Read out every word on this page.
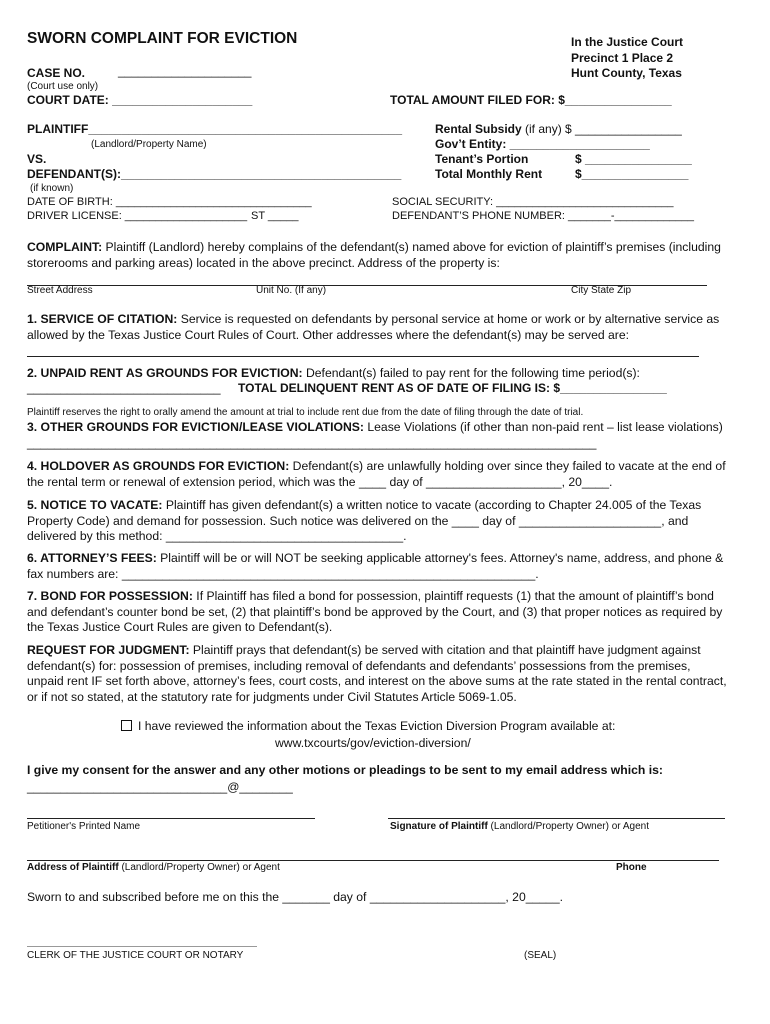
SWORN COMPLAINT FOR EVICTION	In the Justice Court
Precinct 1 Place 2
Hunt County, Texas
CASE NO.	____________________
(Court use only)
COURT DATE: _____________________	TOTAL AMOUNT FILED FOR: $________________
PLAINTIFF_______________________________________________
(Landlord/Property Name)
VS.
DEFENDANT(S):__________________________________________
(if known)
DATE OF BIRTH: ________________________________
DRIVER LICENSE: ____________________ ST _____
Rental Subsidy (if any) $ ________________
Gov’t Entity: _____________________
Tenant’s Portion	$ ________________
Total Monthly Rent	$________________
SOCIAL SECURITY: _____________________________
DEFENDANT’S PHONE NUMBER: _______-_____________
COMPLAINT: Plaintiff (Landlord) hereby complains of the defendant(s) named above for eviction of plaintiff’s premises (including storerooms and parking areas) located in the above precinct. Address of the property is:
Street Address	Unit No. (If any)	City State Zip
1. SERVICE OF CITATION: Service is requested on defendants by personal service at home or work or by alternative service as allowed by the Texas Justice Court Rules of Court. Other addresses where the defendant(s) may be served are:
2. UNPAID RENT AS GROUNDS FOR EVICTION: Defendant(s) failed to pay rent for the following time period(s):
_____________________________ TOTAL DELINQUENT RENT AS OF DATE OF FILING IS: $________________
Plaintiff reserves the right to orally amend the amount at trial to include rent due from the date of filing through the date of trial.
3. OTHER GROUNDS FOR EVICTION/LEASE VIOLATIONS: Lease Violations (if other than non-paid rent – list lease violations) ____________________________________________________________________________________
4. HOLDOVER AS GROUNDS FOR EVICTION: Defendant(s) are unlawfully holding over since they failed to vacate at the end of the rental term or renewal of extension period, which was the ____ day of ____________________, 20____.
5. NOTICE TO VACATE: Plaintiff has given defendant(s) a written notice to vacate (according to Chapter 24.005 of the Texas Property Code) and demand for possession. Such notice was delivered on the ____ day of _____________________, and delivered by this method: ___________________________________.
6. ATTORNEY’S FEES: Plaintiff will be or will NOT be seeking applicable attorney's fees. Attorney's name, address, and phone & fax numbers are: _____________________________________________________________.
7. BOND FOR POSSESSION: If Plaintiff has filed a bond for possession, plaintiff requests (1) that the amount of plaintiff’s bond and defendant’s counter bond be set, (2) that plaintiff’s bond be approved by the Court, and (3) that proper notices as required by the Texas Justice Court Rules are given to Defendant(s).
REQUEST FOR JUDGMENT: Plaintiff prays that defendant(s) be served with citation and that plaintiff have judgment against defendant(s) for: possession of premises, including removal of defendants and defendants’ possessions from the premises, unpaid rent IF set forth above, attorney’s fees, court costs, and interest on the above sums at the rate stated in the rental contract, or if not so stated, at the statutory rate for judgments under Civil Statutes Article 5069-1.05.
I have reviewed the information about the Texas Eviction Diversion Program available at:
www.txcourts/gov/eviction-diversion/
I give my consent for the answer and any other motions or pleadings to be sent to my email address which is:
______________________________@________
Petitioner's Printed Name	Signature of Plaintiff (Landlord/Property Owner) or Agent
Address of Plaintiff (Landlord/Property Owner) or Agent	Phone
Sworn to and subscribed before me on this the _______ day of ____________________, 20_____.
CLERK OF THE JUSTICE COURT OR NOTARY	(SEAL)
